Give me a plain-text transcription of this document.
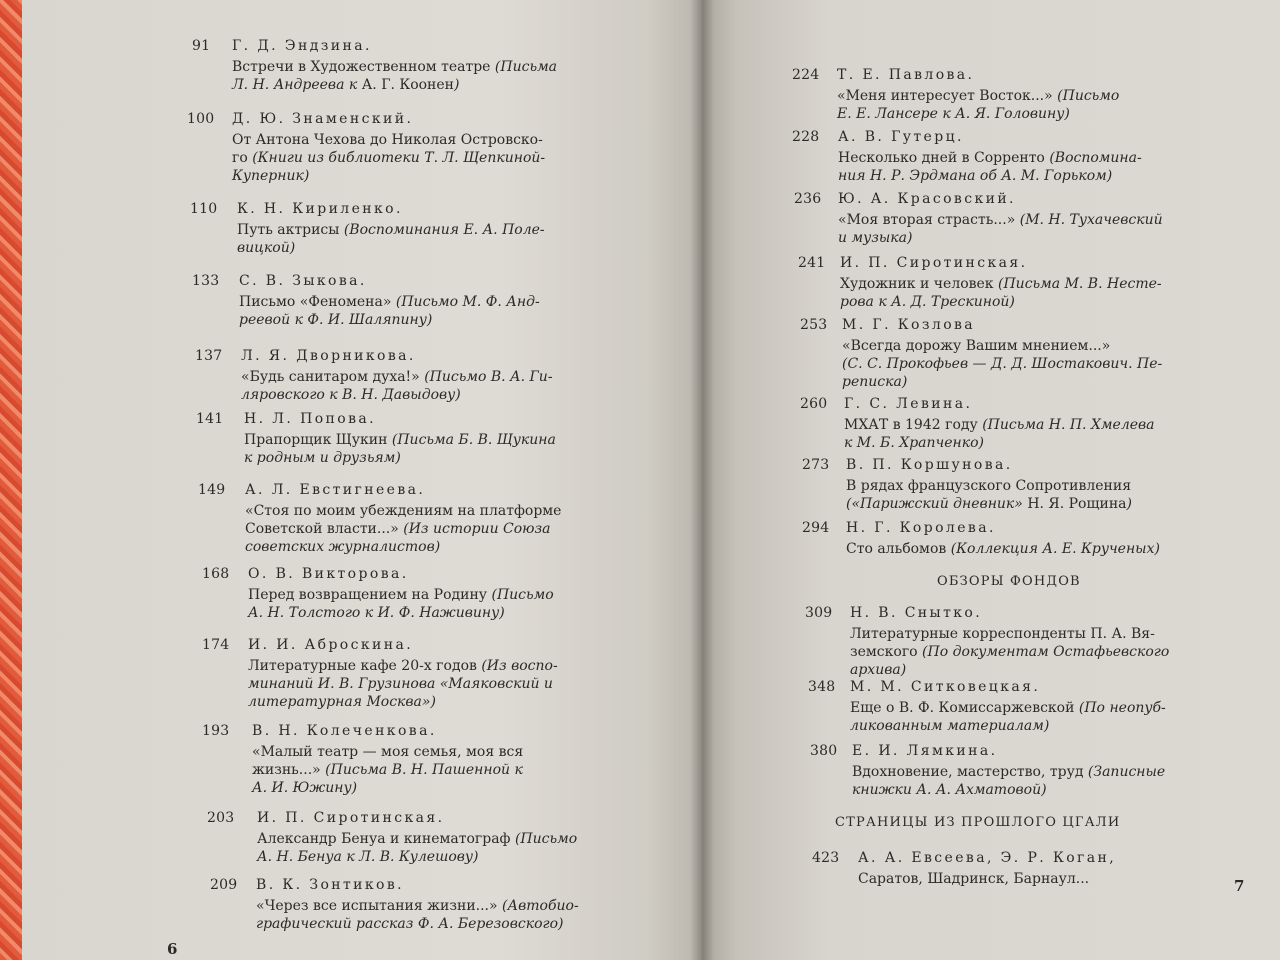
91 Г. Д. Эндзина.
Встречи в Художественном театре (Письма
Л. Н. Андреева к А. Г. Коонен)
100 Д. Ю. Знаменский.
От Антона Чехова до Николая Островско-
го (Книги из библиотеки Т. Л. Щепкиной-
Куперник)
110 К. Н. Кириленко.
Путь актрисы (Воспоминания Е. А. Поле-
вицкой)
133 С. В. Зыкова.
Письмо «Феномена» (Письмо М. Ф. Анд-
реевой к Ф. И. Шаляпину)
137 Л. Я. Дворникова.
«Будь санитаром духа!» (Письмо В. А. Ги-
ляровского к В. Н. Давыдову)
141 Н. Л. Попова.
Прапорщик Щукин (Письма Б. В. Щукина
к родным и друзьям)
149 А. Л. Евстигнеева.
«Стоя по моим убеждениям на платформе
Советской власти...» (Из истории Союза
советских журналистов)
168 О. В. Викторова.
Перед возвращением на Родину (Письмо
А. Н. Толстого к И. Ф. Наживину)
174 И. И. Аброскина.
Литературные кафе 20-х годов (Из воспо-
минаний И. В. Грузинова «Маяковский и
литературная Москва»)
193 В. Н. Колеченкова.
«Малый театр — моя семья, моя вся
жизнь...» (Письма В. Н. Пашенной к
А. И. Южину)
203 И. П. Сиротинская.
Александр Бенуа и кинематограф (Письмо
А. Н. Бенуа к Л. В. Кулешову)
209 В. К. Зонтиков.
«Через все испытания жизни...» (Автобио-
графический рассказ Ф. А. Березовского)
6
224 Т. Е. Павлова.
«Меня интересует Восток...» (Письмо
Е. Е. Лансере к А. Я. Головину)
228 А. В. Гутерц.
Несколько дней в Сорренто (Воспомина-
ния Н. Р. Эрдмана об А. М. Горьком)
236 Ю. А. Красовский.
«Моя вторая страсть...» (М. Н. Тухачевский
и музыка)
241 И. П. Сиротинская.
Художник и человек (Письма М. В. Несте-
рова к А. Д. Трескиной)
253 М. Г. Козлова
«Всегда дорожу Вашим мнением...»
(С. С. Прокофьев — Д. Д. Шостакович. Пе-
реписка)
260 Г. С. Левина.
МХАТ в 1942 году (Письма Н. П. Хмелева
к М. Б. Храпченко)
273 В. П. Коршунова.
В рядах французского Сопротивления
(«Парижский дневник» Н. Я. Рощина)
294 Н. Г. Королева.
Сто альбомов (Коллекция А. Е. Крученых)
309 Н. В. Снытко.
Литературные корреспонденты П. А. Вя-
земского (По документам Остафьевского
архива)
348 М. М. Ситковецкая.
Еще о В. Ф. Комиссаржевской (По неопуб-
ликованным материалам)
380 Е. И. Лямкина.
Вдохновение, мастерство, труд (Записные
книжки А. А. Ахматовой)
423 А. А. Евсеева, Э. Р. Коган,
Саратов, Шадринск, Барнаул...
ОБЗОРЫ ФОНДОВ
СТРАНИЦЫ ИЗ ПРОШЛОГО ЦГАЛИ
7
